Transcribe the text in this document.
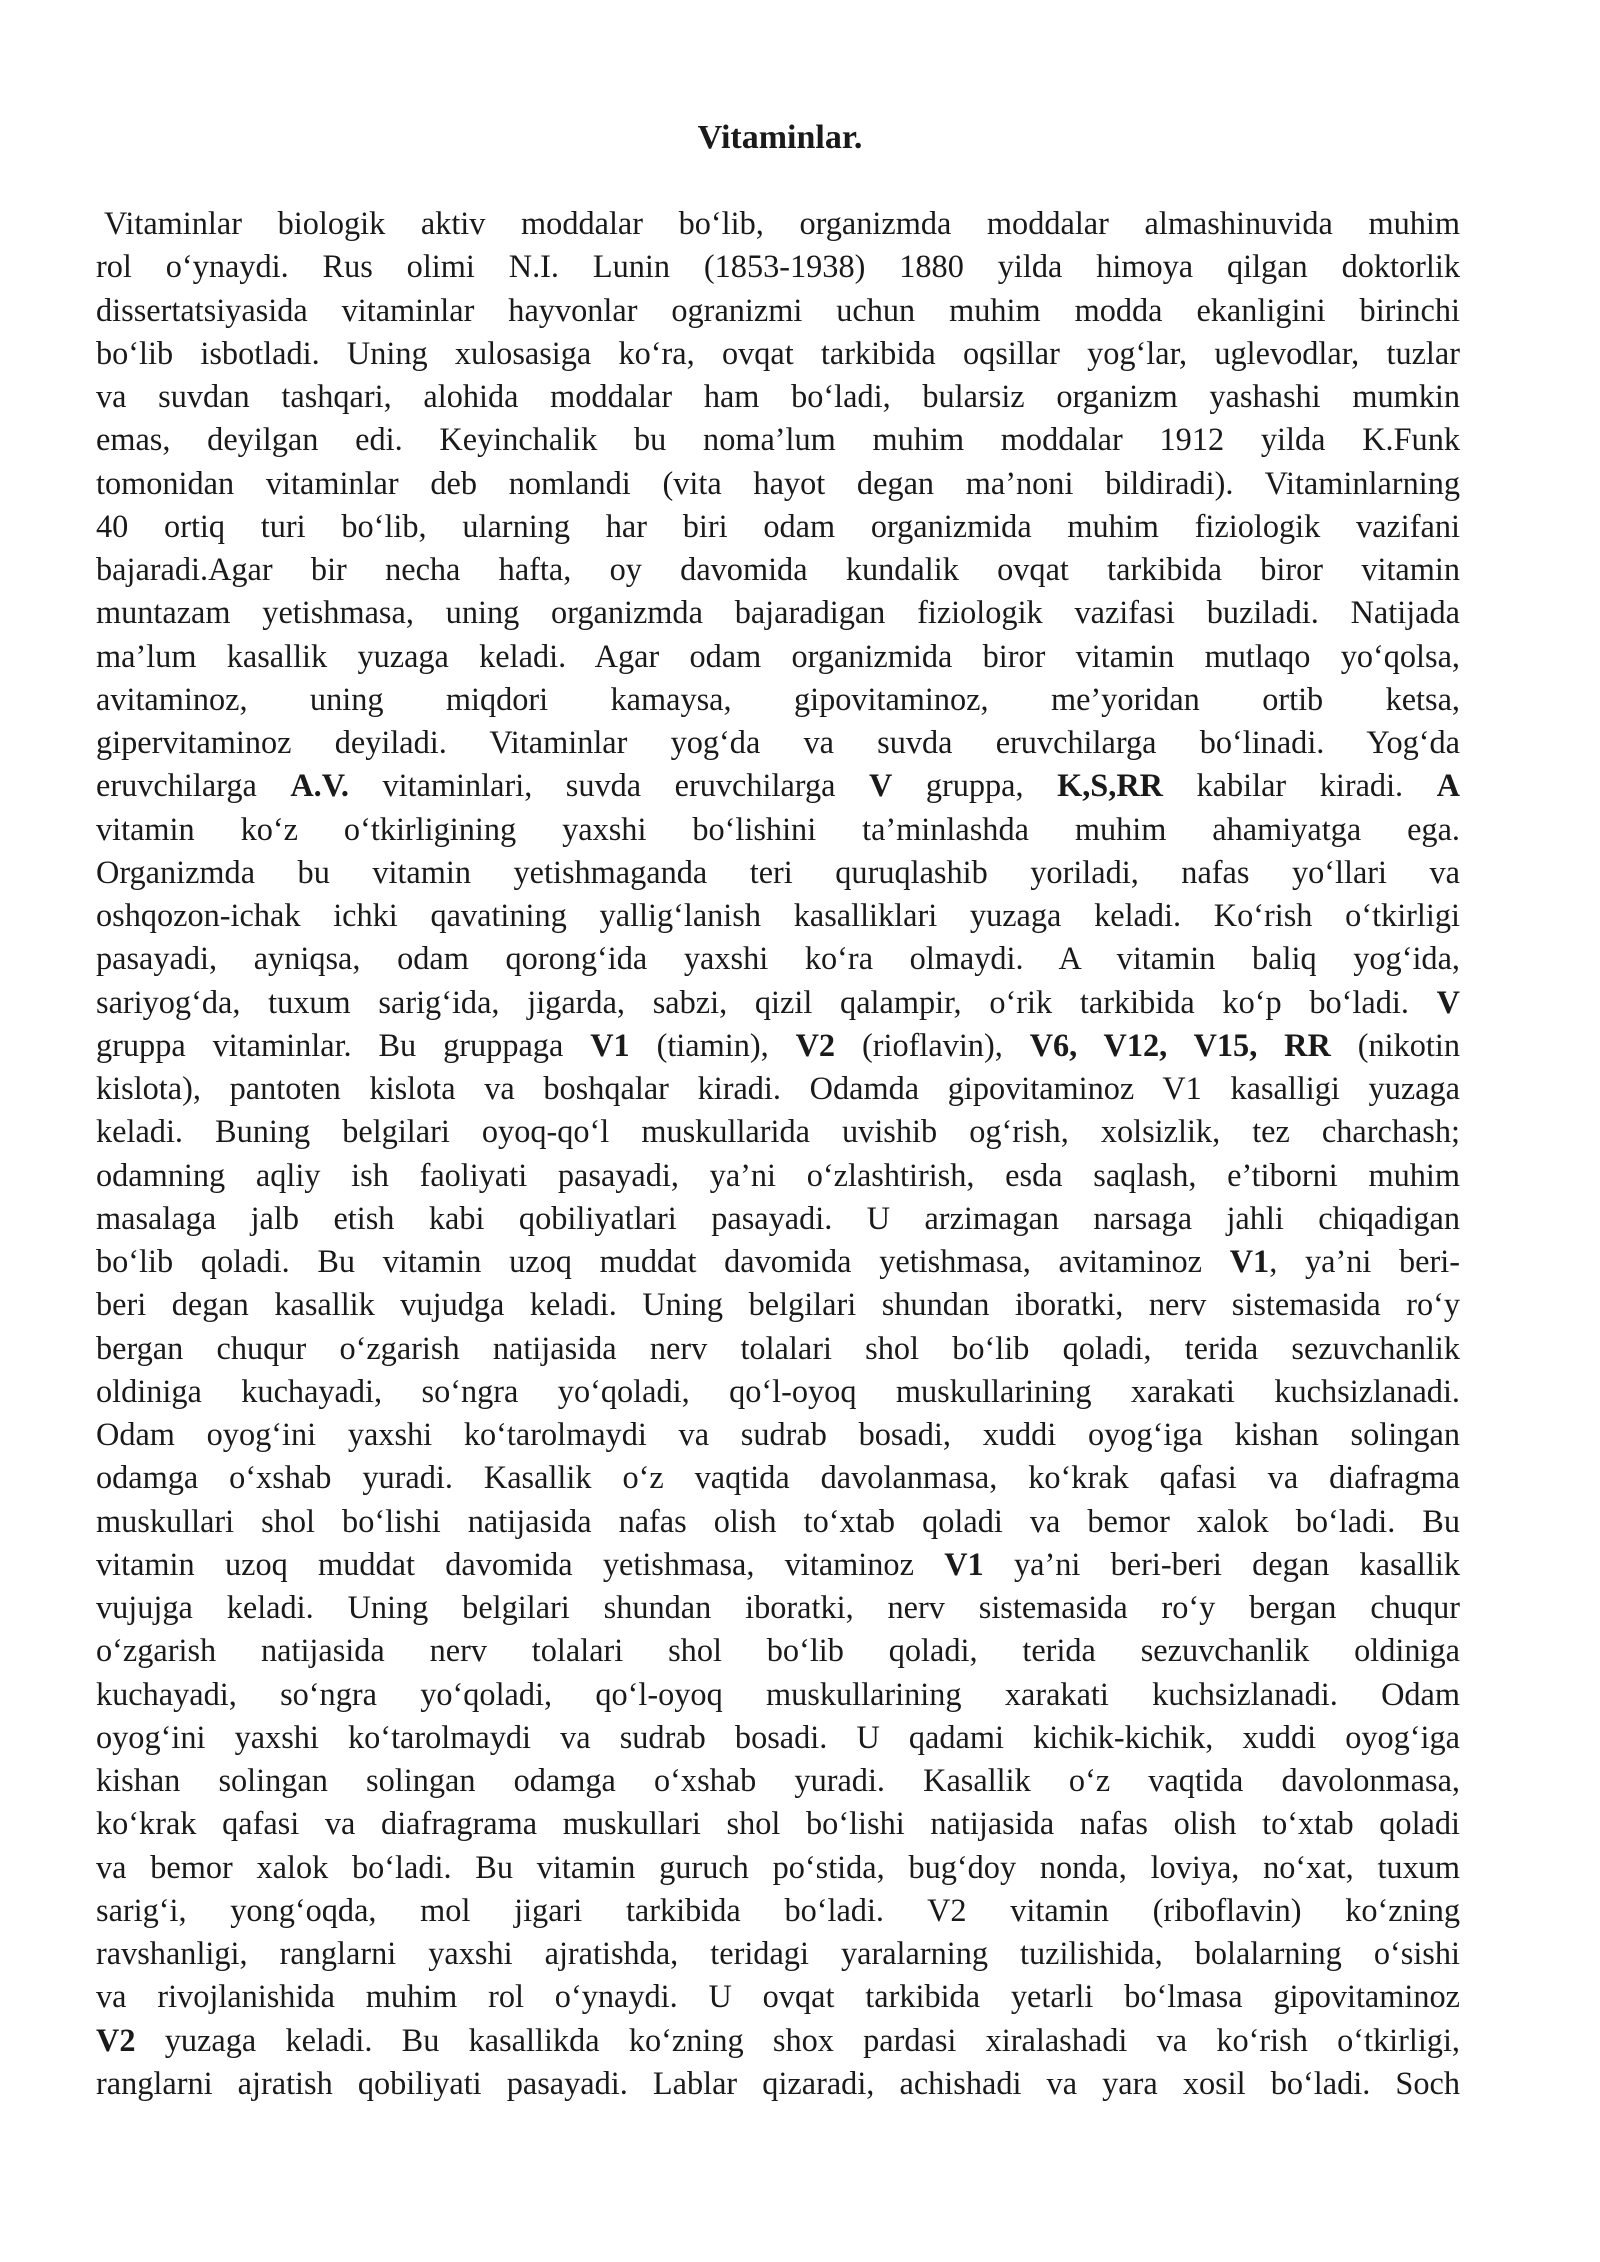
Vitaminlar.
Vitaminlar biologik aktiv moddalar bo‘lib, organizmda moddalar almashinuvida muhim
rol o‘ynaydi. Rus olimi N.I. Lunin (1853-1938) 1880 yilda himoya qilgan doktorlik
dissertatsiyasida vitaminlar hayvonlar ogranizmi uchun muhim modda ekanligini birinchi
bo‘lib isbotladi. Uning xulosasiga ko‘ra, ovqat tarkibida oqsillar yog‘lar, uglevodlar, tuzlar
va suvdan tashqari, alohida moddalar ham bo‘ladi, bularsiz organizm yashashi mumkin
emas, deyilgan edi. Keyinchalik bu noma’lum muhim moddalar 1912 yilda K.Funk
tomonidan vitaminlar deb nomlandi (vita hayot degan ma’noni bildiradi). Vitaminlarning
40 ortiq turi bo‘lib, ularning har biri odam organizmida muhim fiziologik vazifani
bajaradi.Agar bir necha hafta, oy davomida kundalik ovqat tarkibida biror vitamin
muntazam yetishmasa, uning organizmda bajaradigan fiziologik vazifasi buziladi. Natijada
ma’lum kasallik yuzaga keladi. Agar odam organizmida biror vitamin mutlaqo yo‘qolsa,
avitaminoz, uning miqdori kamaysa, gipovitaminoz, me’yoridan ortib ketsa,
gipervitaminoz deyiladi. Vitaminlar yog‘da va suvda eruvchilarga bo‘linadi. Yog‘da
eruvchilarga A.V. vitaminlari, suvda eruvchilarga V gruppa, K,S,RR kabilar kiradi. A
vitamin ko‘z o‘tkirligining yaxshi bo‘lishini ta’minlashda muhim ahamiyatga ega.
Organizmda bu vitamin yetishmaganda teri quruqlashib yoriladi, nafas yo‘llari va
oshqozon-ichak ichki qavatining yallig‘lanish kasalliklari yuzaga keladi. Ko‘rish o‘tkirligi
pasayadi, ayniqsa, odam qorong‘ida yaxshi ko‘ra olmaydi. A vitamin baliq yog‘ida,
sariyog‘da, tuxum sarig‘ida, jigarda, sabzi, qizil qalampir, o‘rik tarkibida ko‘p bo‘ladi. V
gruppa vitaminlar. Bu gruppaga V1 (tiamin), V2 (rioflavin), V6, V12, V15, RR (nikotin
kislota), pantoten kislota va boshqalar kiradi. Odamda gipovitaminoz V1 kasalligi yuzaga
keladi. Buning belgilari oyoq-qo‘l muskullarida uvishib og‘rish, xolsizlik, tez charchash;
odamning aqliy ish faoliyati pasayadi, ya’ni o‘zlashtirish, esda saqlash, e’tiborni muhim
masalaga jalb etish kabi qobiliyatlari pasayadi. U arzimagan narsaga jahli chiqadigan
bo‘lib qoladi. Bu vitamin uzoq muddat davomida yetishmasa, avitaminoz V1, ya’ni beri-
beri degan kasallik vujudga keladi. Uning belgilari shundan iboratki, nerv sistemasida ro‘y
bergan chuqur o‘zgarish natijasida nerv tolalari shol bo‘lib qoladi, terida sezuvchanlik
oldiniga kuchayadi, so‘ngra yo‘qoladi, qo‘l-oyoq muskullarining xarakati kuchsizlanadi.
Odam oyog‘ini yaxshi ko‘tarolmaydi va sudrab bosadi, xuddi oyog‘iga kishan solingan
odamga o‘xshab yuradi. Kasallik o‘z vaqtida davolanmasa, ko‘krak qafasi va diafragma
muskullari shol bo‘lishi natijasida nafas olish to‘xtab qoladi va bemor xalok bo‘ladi. Bu
vitamin uzoq muddat davomida yetishmasa, vitaminoz V1 ya’ni beri-beri degan kasallik
vujujga keladi. Uning belgilari shundan iboratki, nerv sistemasida ro‘y bergan chuqur
o‘zgarish natijasida nerv tolalari shol bo‘lib qoladi, terida sezuvchanlik oldiniga
kuchayadi, so‘ngra yo‘qoladi, qo‘l-oyoq muskullarining xarakati kuchsizlanadi. Odam
oyog‘ini yaxshi ko‘tarolmaydi va sudrab bosadi. U qadami kichik-kichik, xuddi oyog‘iga
kishan solingan solingan odamga o‘xshab yuradi. Kasallik o‘z vaqtida davolonmasa,
ko‘krak qafasi va diafragrama muskullari shol bo‘lishi natijasida nafas olish to‘xtab qoladi
va bemor xalok bo‘ladi. Bu vitamin guruch po‘stida, bug‘doy nonda, loviya, no‘xat, tuxum
sarig‘i, yong‘oqda, mol jigari tarkibida bo‘ladi. V2 vitamin (riboflavin) ko‘zning
ravshanligi, ranglarni yaxshi ajratishda, teridagi yaralarning tuzilishida, bolalarning o‘sishi
va rivojlanishida muhim rol o‘ynaydi. U ovqat tarkibida yetarli bo‘lmasa gipovitaminoz
V2 yuzaga keladi. Bu kasallikda ko‘zning shox pardasi xiralashadi va ko‘rish o‘tkirligi,
ranglarni ajratish qobiliyati pasayadi. Lablar qizaradi, achishadi va yara xosil bo‘ladi. Soch
